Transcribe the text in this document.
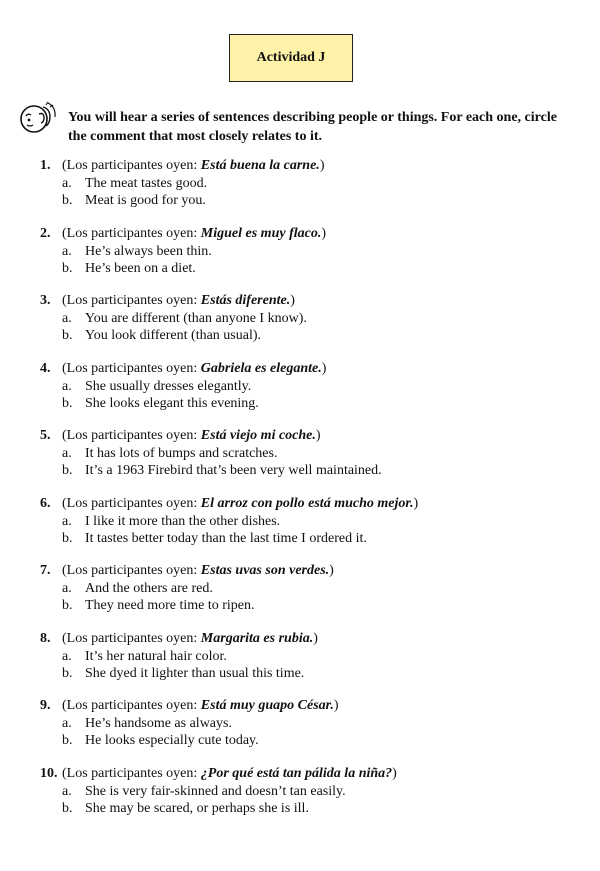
Actividad J
You will hear a series of sentences describing people or things. For each one, circle the comment that most closely relates to it.
1. (Los participantes oyen: Está buena la carne.)
a. The meat tastes good.
b. Meat is good for you.
2. (Los participantes oyen: Miguel es muy flaco.)
a. He’s always been thin.
b. He’s been on a diet.
3. (Los participantes oyen: Estás diferente.)
a. You are different (than anyone I know).
b. You look different (than usual).
4. (Los participantes oyen: Gabriela es elegante.)
a. She usually dresses elegantly.
b. She looks elegant this evening.
5. (Los participantes oyen: Está viejo mi coche.)
a. It has lots of bumps and scratches.
b. It’s a 1963 Firebird that’s been very well maintained.
6. (Los participantes oyen: El arroz con pollo está mucho mejor.)
a. I like it more than the other dishes.
b. It tastes better today than the last time I ordered it.
7. (Los participantes oyen: Estas uvas son verdes.)
a. And the others are red.
b. They need more time to ripen.
8. (Los participantes oyen: Margarita es rubia.)
a. It’s her natural hair color.
b. She dyed it lighter than usual this time.
9. (Los participantes oyen: Está muy guapo César.)
a. He’s handsome as always.
b. He looks especially cute today.
10. (Los participantes oyen: ¿Por qué está tan pálida la niña?)
a. She is very fair-skinned and doesn’t tan easily.
b. She may be scared, or perhaps she is ill.
